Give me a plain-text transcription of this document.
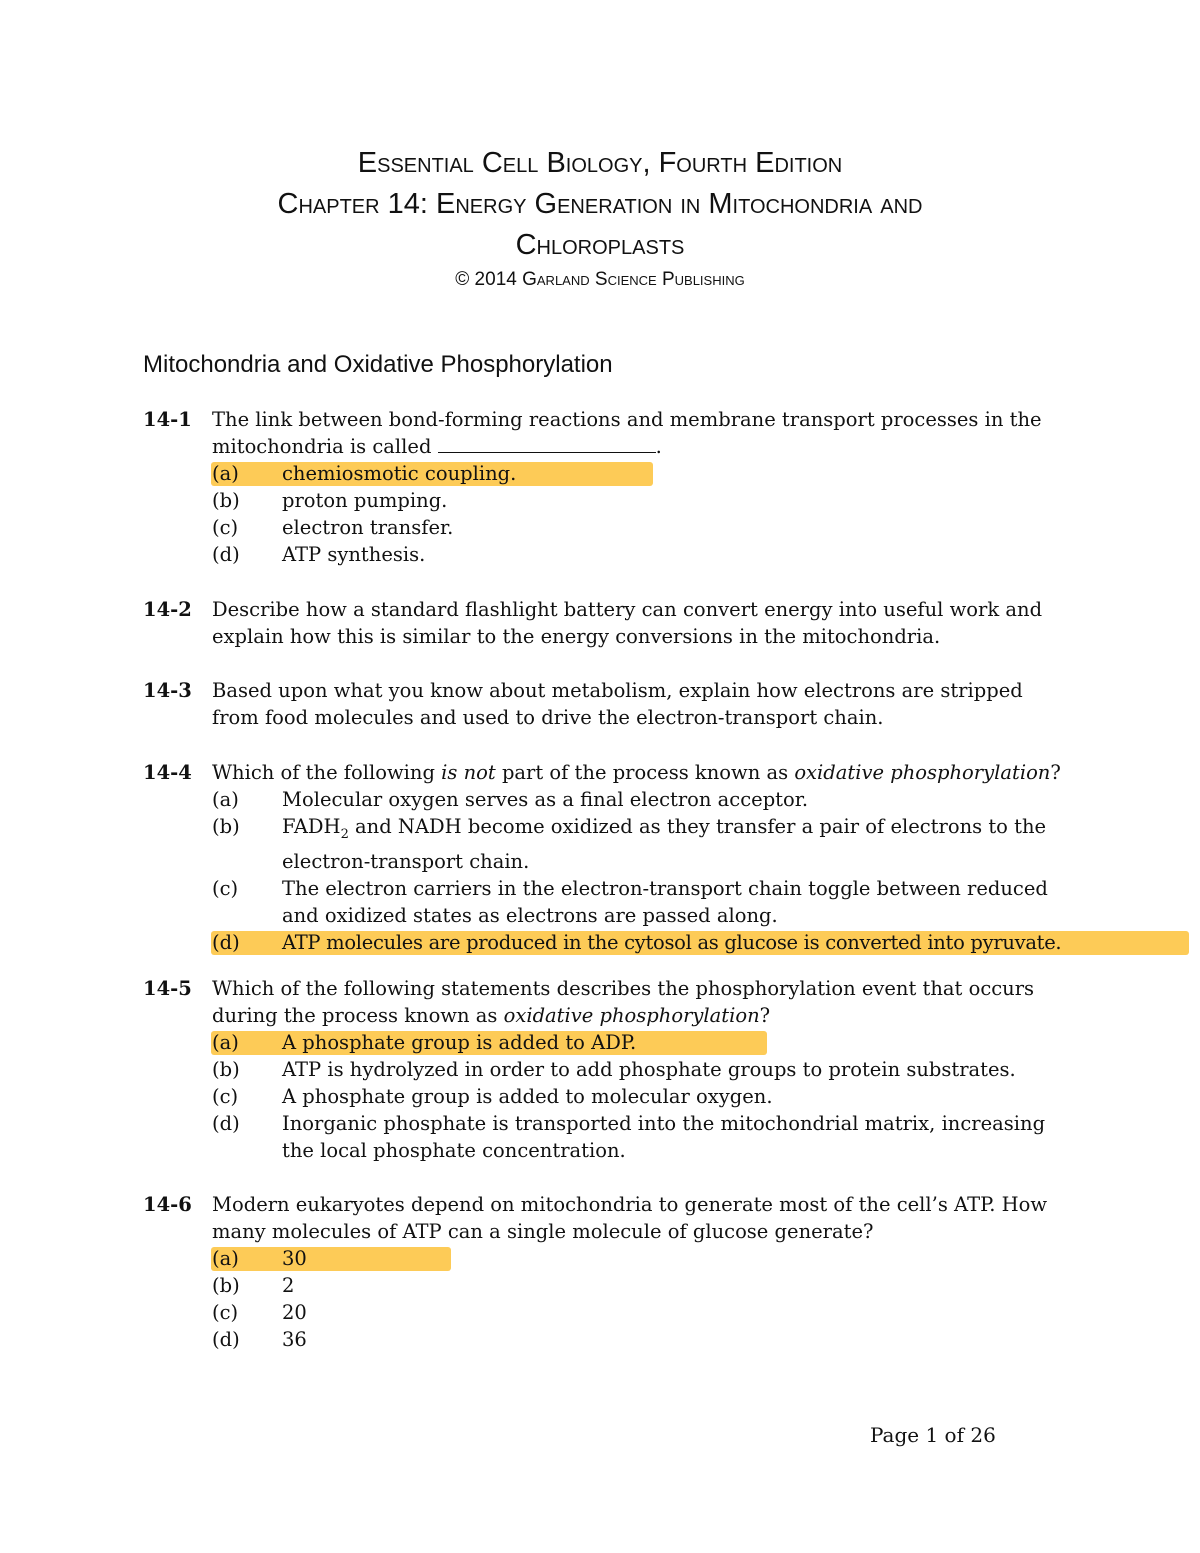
Essential Cell Biology, Fourth Edition
Chapter 14: Energy Generation in Mitochondria and
Chloroplasts
© 2014 Garland Science Publishing
Mitochondria and Oxidative Phosphorylation
14-1 The link between bond-forming reactions and membrane transport processes in the mitochondria is called	.
(a) chemiosmotic coupling.
(b) proton pumping.
(c) electron transfer.
(d) ATP synthesis.
14-2 Describe how a standard flashlight battery can convert energy into useful work and explain how this is similar to the energy conversions in the mitochondria.
14-3 Based upon what you know about metabolism, explain how electrons are stripped from food molecules and used to drive the electron-transport chain.
14-4 Which of the following is not part of the process known as oxidative phosphorylation?
(a) Molecular oxygen serves as a final electron acceptor.
(b) $FADH_2$ and NADH become oxidized as they transfer a pair of electrons to the electron-transport chain.
(c) The electron carriers in the electron-transport chain toggle between reduced and oxidized states as electrons are passed along.
(d) ATP molecules are produced in the cytosol as glucose is converted into pyruvate.
14-5 Which of the following statements describes the phosphorylation event that occurs during the process known as oxidative phosphorylation?
(a) A phosphate group is added to ADP.
(b) ATP is hydrolyzed in order to add phosphate groups to protein substrates.
(c) A phosphate group is added to molecular oxygen.
(d) Inorganic phosphate is transported into the mitochondrial matrix, increasing the local phosphate concentration.
14-6 Modern eukaryotes depend on mitochondria to generate most of the cell’s ATP. How many molecules of ATP can a single molecule of glucose generate?
(a) 30
(b) 2
(c) 20
(d) 36
Page 1 of 26
